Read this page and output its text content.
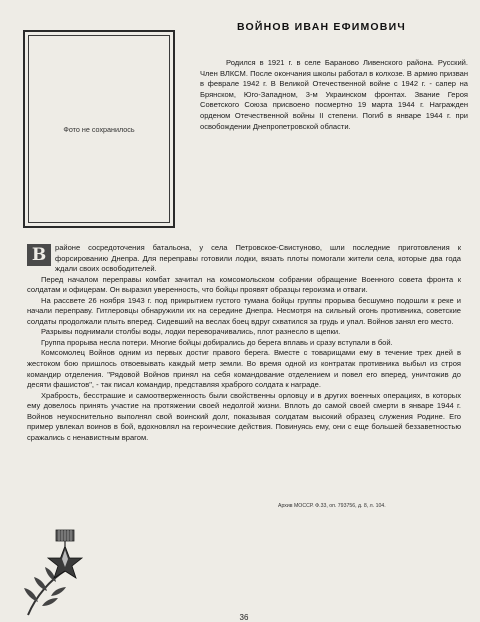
Фото не сохранилось
ВОЙНОВ ИВАН ЕФИМОВИЧ

Родился в 1921 г. в селе Бараново Ливенского района. Русский. Член ВЛКСМ. После окончания школы работал в колхозе. В армию призван в феврале 1942 г. В Великой Отечественной войне с 1942 г. - сапер на Брянском, Юго-Западном, 3-м Украинском фронтах. Звание Героя Советского Союза присвоено посмертно 19 марта 1944 г. Награжден орденом Отечественной войны II степени. Погиб в январе 1944 г. при освобождении Днепропетровской области.

В	районе сосредоточения батальона, у села Петровское-Свистуново, шли последние приготовления к форсированию Днепра. Для переправы готовили лодки, вязать плоты помогали жители села, которые два года ждали своих освободителей.

Перед началом переправы комбат зачитал на комсомольском собрании обращение Военного совета фронта к солдатам и офицерам. Он выразил уверенность, что бойцы проявят образцы героизма и отваги.

На рассвете 26 ноября 1943 г. под прикрытием густого тумана бойцы группы прорыва бесшумно подошли к реке и начали переправу. Гитлеровцы обнаружили их на середине Днепра. Несмотря на сильный огонь противника, советские солдаты продолжали плыть вперед. Сидевший на веслах боец вдруг схватился за грудь и упал. Войнов занял его место.

Разрывы поднимали столбы воды, лодки переворачивались, плот разнесло в щепки.

Группа прорыва несла потери. Многие бойцы добирались до берега вплавь и сразу вступали в бой.

Комсомолец Войнов одним из первых достиг правого берега. Вместе с товарищами ему в течение трех дней в жестоком бою пришлось отвоевывать каждый метр земли. Во время одной из контратак противника выбыл из строя командир отделения. "Рядовой Войнов принял на себя командование отделением и повел его вперед, уничтожив до десяти фашистов", - так писал командир, представляя храброго солдата к награде.

Храбрость, бесстрашие и самоотверженность были свойственны орловцу и в других военных операциях, в которых ему довелось принять участие на протяжении своей недолгой жизни. Вплоть до самой своей смерти в январе 1944 г. Войнов неукоснительно выполнял свой воинский долг, показывая солдатам высокий образец служения Родине. Его пример увлекал воинов в бой, вдохновлял на героические действия. Повинуясь ему, они с еще большей беззаветностью сражались с ненавистным врагом.

Архив МОССР. Ф.33, оп. 793756, д. 8, л. 104.
36
